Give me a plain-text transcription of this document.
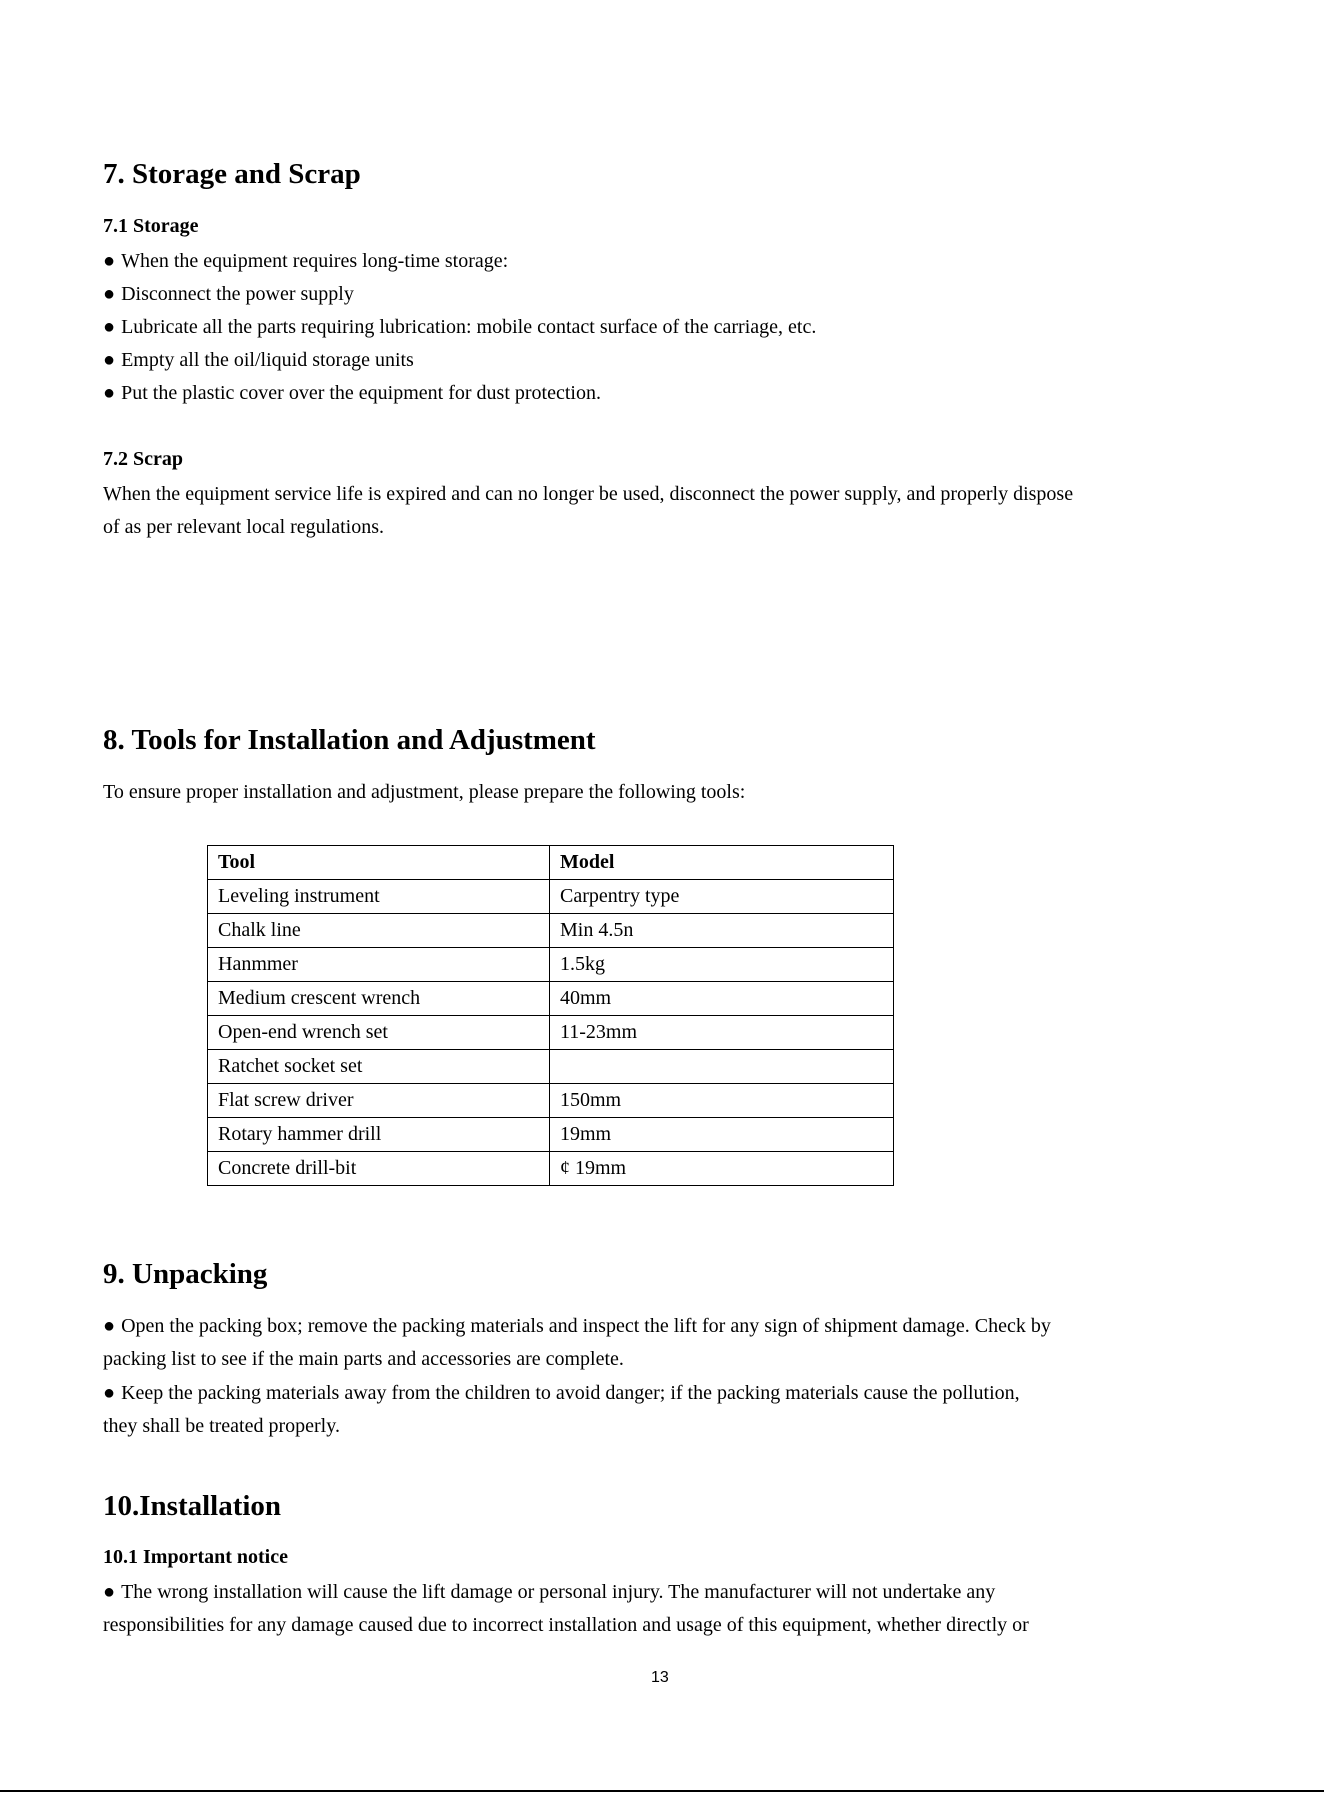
7. Storage and Scrap
7.1 Storage
● When the equipment requires long-time storage:
● Disconnect the power supply
● Lubricate all the parts requiring lubrication: mobile contact surface of the carriage, etc.
● Empty all the oil/liquid storage units
● Put the plastic cover over the equipment for dust protection.
7.2 Scrap
When the equipment service life is expired and can no longer be used, disconnect the power supply, and properly dispose
of as per relevant local regulations.
8. Tools for Installation and Adjustment
To ensure proper installation and adjustment, please prepare the following tools:
Tool	Model
Leveling instrument	Carpentry type
Chalk line	Min 4.5n
Hanmmer	1.5kg
Medium crescent wrench	40mm
Open-end wrench set	11-23mm
Ratchet socket set	
Flat screw driver	150mm
Rotary hammer drill	19mm
Concrete drill-bit	¢ 19mm
9. Unpacking
● Open the packing box; remove the packing materials and inspect the lift for any sign of shipment damage. Check by
packing list to see if the main parts and accessories are complete.
● Keep the packing materials away from the children to avoid danger; if the packing materials cause the pollution,
they shall be treated properly.
10.Installation
10.1 Important notice
● The wrong installation will cause the lift damage or personal injury. The manufacturer will not undertake any
responsibilities for any damage caused due to incorrect installation and usage of this equipment, whether directly or
13
